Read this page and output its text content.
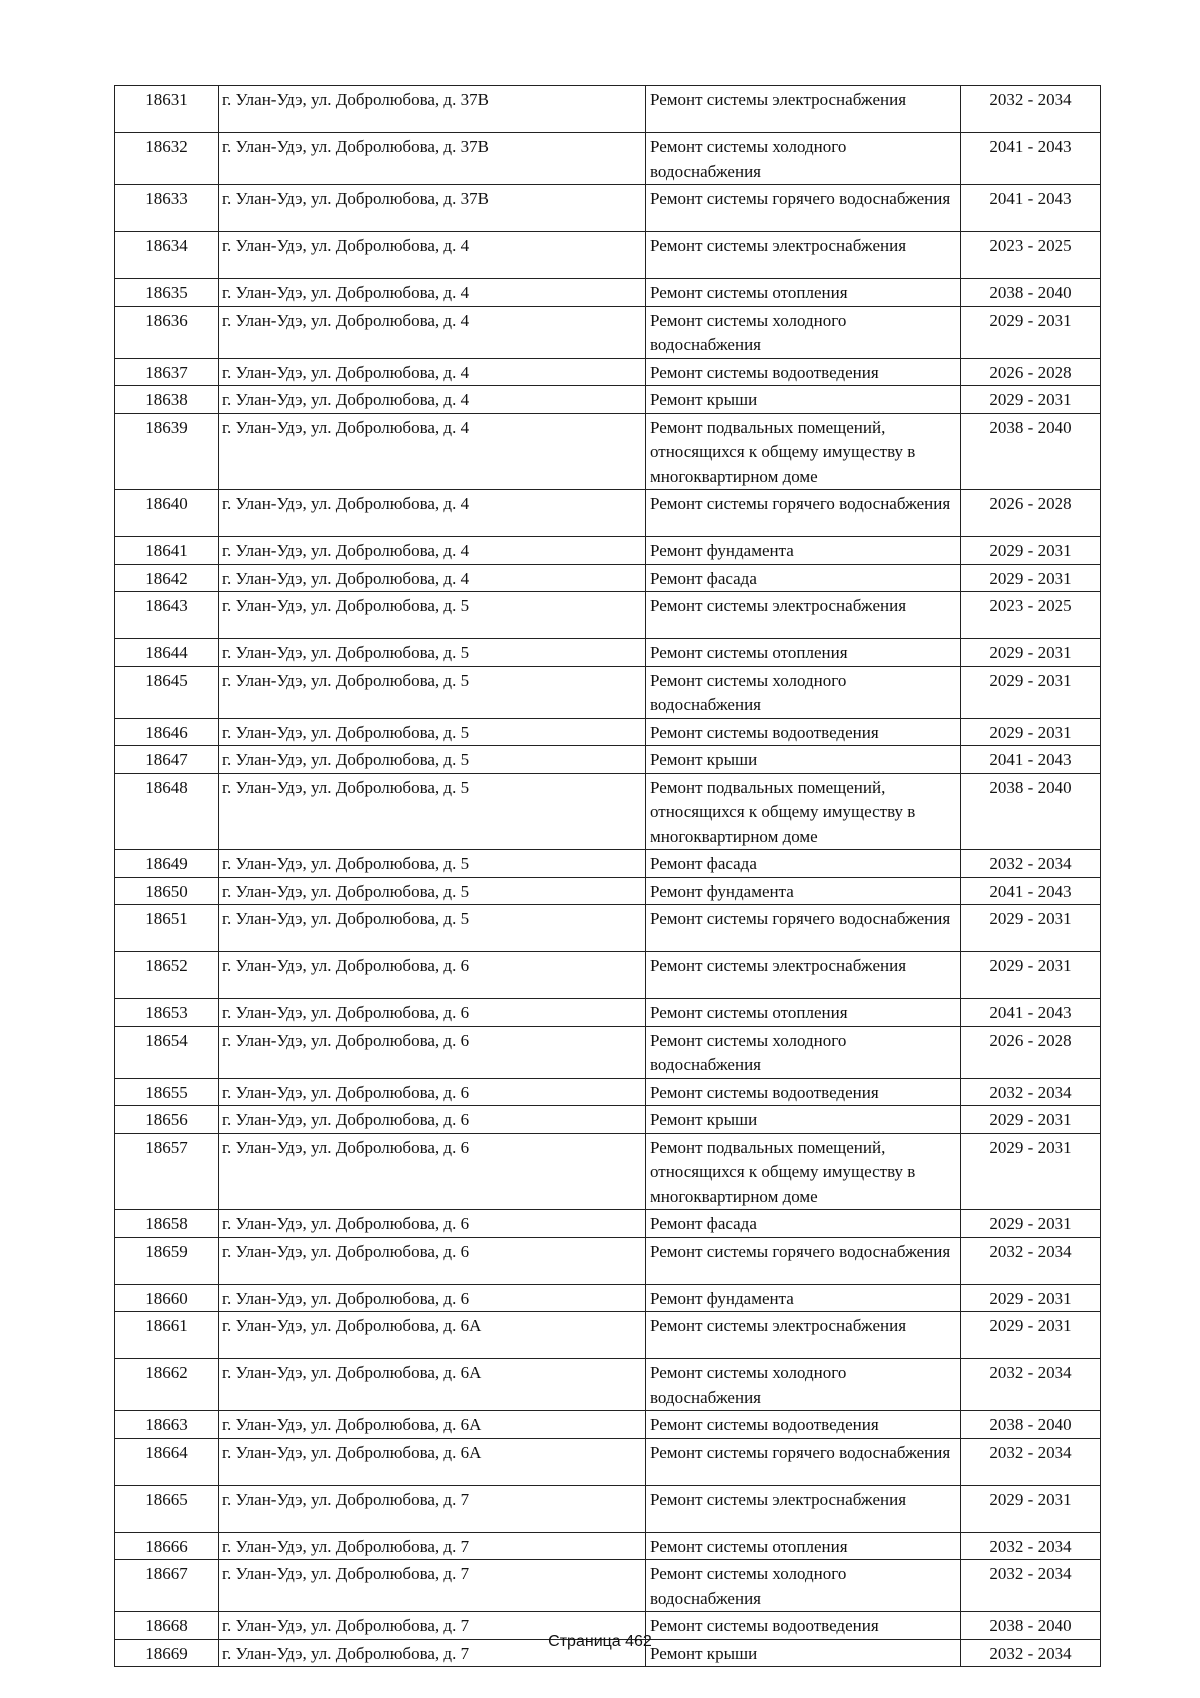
18631	г. Улан-Удэ, ул. Добролюбова, д. 37В	Ремонт системы электроснабжения	2032 - 2034
18632	г. Улан-Удэ, ул. Добролюбова, д. 37В	Ремонт системы холодного водоснабжения	2041 - 2043
18633	г. Улан-Удэ, ул. Добролюбова, д. 37В	Ремонт системы горячего водоснабжения	2041 - 2043
18634	г. Улан-Удэ, ул. Добролюбова, д. 4	Ремонт системы электроснабжения	2023 - 2025
18635	г. Улан-Удэ, ул. Добролюбова, д. 4	Ремонт системы отопления	2038 - 2040
18636	г. Улан-Удэ, ул. Добролюбова, д. 4	Ремонт системы холодного водоснабжения	2029 - 2031
18637	г. Улан-Удэ, ул. Добролюбова, д. 4	Ремонт системы водоотведения	2026 - 2028
18638	г. Улан-Удэ, ул. Добролюбова, д. 4	Ремонт крыши	2029 - 2031
18639	г. Улан-Удэ, ул. Добролюбова, д. 4	Ремонт подвальных помещений, относящихся к общему имуществу в многоквартирном доме	2038 - 2040
18640	г. Улан-Удэ, ул. Добролюбова, д. 4	Ремонт системы горячего водоснабжения	2026 - 2028
18641	г. Улан-Удэ, ул. Добролюбова, д. 4	Ремонт фундамента	2029 - 2031
18642	г. Улан-Удэ, ул. Добролюбова, д. 4	Ремонт фасада	2029 - 2031
18643	г. Улан-Удэ, ул. Добролюбова, д. 5	Ремонт системы электроснабжения	2023 - 2025
18644	г. Улан-Удэ, ул. Добролюбова, д. 5	Ремонт системы отопления	2029 - 2031
18645	г. Улан-Удэ, ул. Добролюбова, д. 5	Ремонт системы холодного водоснабжения	2029 - 2031
18646	г. Улан-Удэ, ул. Добролюбова, д. 5	Ремонт системы водоотведения	2029 - 2031
18647	г. Улан-Удэ, ул. Добролюбова, д. 5	Ремонт крыши	2041 - 2043
18648	г. Улан-Удэ, ул. Добролюбова, д. 5	Ремонт подвальных помещений, относящихся к общему имуществу в многоквартирном доме	2038 - 2040
18649	г. Улан-Удэ, ул. Добролюбова, д. 5	Ремонт фасада	2032 - 2034
18650	г. Улан-Удэ, ул. Добролюбова, д. 5	Ремонт фундамента	2041 - 2043
18651	г. Улан-Удэ, ул. Добролюбова, д. 5	Ремонт системы горячего водоснабжения	2029 - 2031
18652	г. Улан-Удэ, ул. Добролюбова, д. 6	Ремонт системы электроснабжения	2029 - 2031
18653	г. Улан-Удэ, ул. Добролюбова, д. 6	Ремонт системы отопления	2041 - 2043
18654	г. Улан-Удэ, ул. Добролюбова, д. 6	Ремонт системы холодного водоснабжения	2026 - 2028
18655	г. Улан-Удэ, ул. Добролюбова, д. 6	Ремонт системы водоотведения	2032 - 2034
18656	г. Улан-Удэ, ул. Добролюбова, д. 6	Ремонт крыши	2029 - 2031
18657	г. Улан-Удэ, ул. Добролюбова, д. 6	Ремонт подвальных помещений, относящихся к общему имуществу в многоквартирном доме	2029 - 2031
18658	г. Улан-Удэ, ул. Добролюбова, д. 6	Ремонт фасада	2029 - 2031
18659	г. Улан-Удэ, ул. Добролюбова, д. 6	Ремонт системы горячего водоснабжения	2032 - 2034
18660	г. Улан-Удэ, ул. Добролюбова, д. 6	Ремонт фундамента	2029 - 2031
18661	г. Улан-Удэ, ул. Добролюбова, д. 6А	Ремонт системы электроснабжения	2029 - 2031
18662	г. Улан-Удэ, ул. Добролюбова, д. 6А	Ремонт системы холодного водоснабжения	2032 - 2034
18663	г. Улан-Удэ, ул. Добролюбова, д. 6А	Ремонт системы водоотведения	2038 - 2040
18664	г. Улан-Удэ, ул. Добролюбова, д. 6А	Ремонт системы горячего водоснабжения	2032 - 2034
18665	г. Улан-Удэ, ул. Добролюбова, д. 7	Ремонт системы электроснабжения	2029 - 2031
18666	г. Улан-Удэ, ул. Добролюбова, д. 7	Ремонт системы отопления	2032 - 2034
18667	г. Улан-Удэ, ул. Добролюбова, д. 7	Ремонт системы холодного водоснабжения	2032 - 2034
18668	г. Улан-Удэ, ул. Добролюбова, д. 7	Ремонт системы водоотведения	2038 - 2040
18669	г. Улан-Удэ, ул. Добролюбова, д. 7	Ремонт крыши	2032 - 2034
Страница 462
